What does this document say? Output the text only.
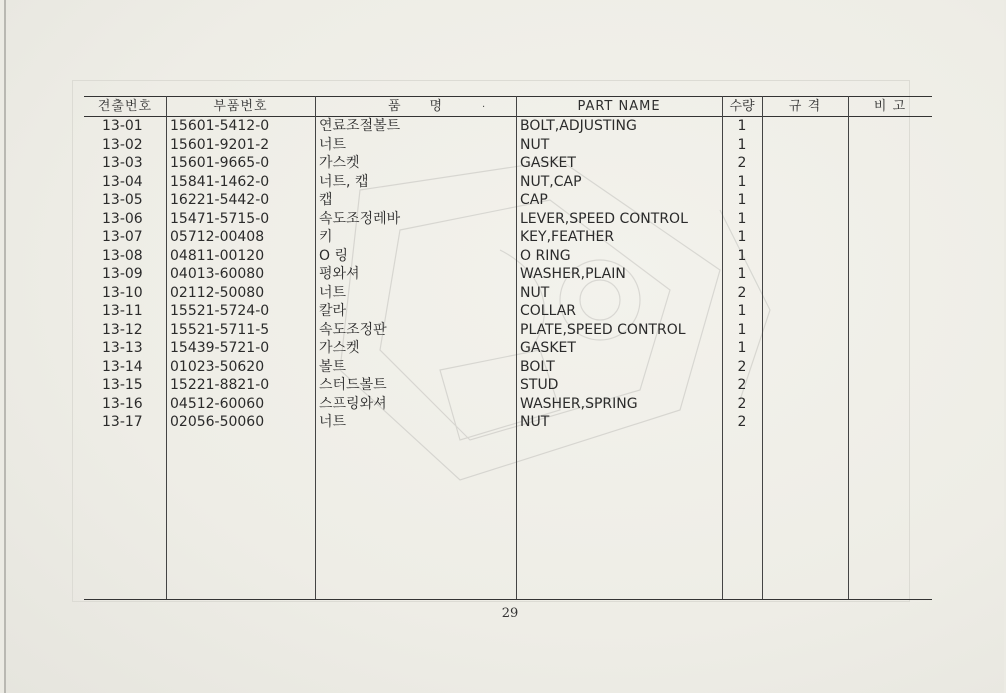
견출번호	부품번호	품　　명	·	PART NAME	수량	규 격	비 고
13-01	15601-5412-0	연료조절볼트	BOLT,ADJUSTING	1
13-02	15601-9201-2	너트	NUT	1
13-03	15601-9665-0	가스켓	GASKET	2
13-04	15841-1462-0	너트, 캡	NUT,CAP	1
13-05	16221-5442-0	캡	CAP	1
13-06	15471-5715-0	속도조정레바	LEVER,SPEED CONTROL	1
13-07	05712-00408	키	KEY,FEATHER	1
13-08	04811-00120	O 링	O RING	1
13-09	04013-60080	평와셔	WASHER,PLAIN	1
13-10	02112-50080	너트	NUT	2
13-11	15521-5724-0	칼라	COLLAR	1
13-12	15521-5711-5	속도조정판	PLATE,SPEED CONTROL	1
13-13	15439-5721-0	가스켓	GASKET	1
13-14	01023-50620	볼트	BOLT	2
13-15	15221-8821-0	스터드볼트	STUD	2
13-16	04512-60060	스프링와셔	WASHER,SPRING	2
13-17	02056-50060	너트	NUT	2
29
